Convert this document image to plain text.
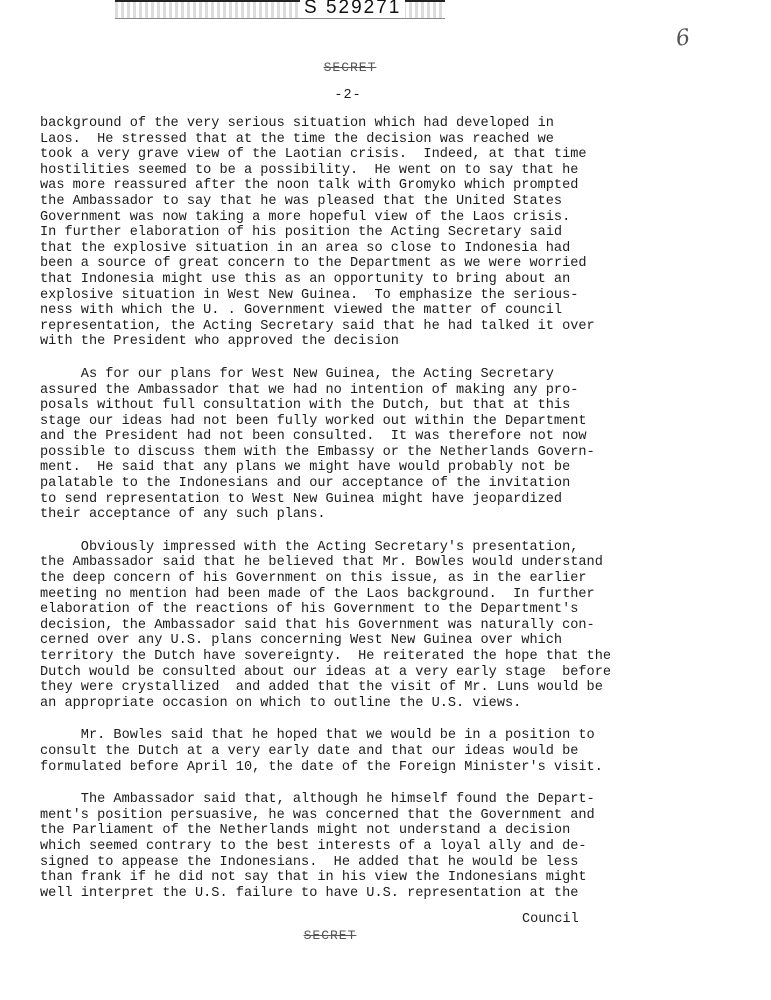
S 529271
6
SECRET
-2-
background of the very serious situation which had developed in
Laos.  He stressed that at the time the decision was reached we
took a very grave view of the Laotian crisis.  Indeed, at that time
hostilities seemed to be a possibility.  He went on to say that he
was more reassured after the noon talk with Gromyko which prompted
the Ambassador to say that he was pleased that the United States
Government was now taking a more hopeful view of the Laos crisis.
In further elaboration of his position the Acting Secretary said
that the explosive situation in an area so close to Indonesia had
been a source of great concern to the Department as we were worried
that Indonesia might use this as an opportunity to bring about an
explosive situation in West New Guinea.  To emphasize the serious-
ness with which the U. . Government viewed the matter of council
representation, the Acting Secretary said that he had talked it over
with the President who approved the decision
As for our plans for West New Guinea, the Acting Secretary
assured the Ambassador that we had no intention of making any pro-
posals without full consultation with the Dutch, but that at this
stage our ideas had not been fully worked out within the Department
and the President had not been consulted.  It was therefore not now
possible to discuss them with the Embassy or the Netherlands Govern-
ment.  He said that any plans we might have would probably not be
palatable to the Indonesians and our acceptance of the invitation
to send representation to West New Guinea might have jeopardized
their acceptance of any such plans.
Obviously impressed with the Acting Secretary's presentation,
the Ambassador said that he believed that Mr. Bowles would understand
the deep concern of his Government on this issue, as in the earlier
meeting no mention had been made of the Laos background.  In further
elaboration of the reactions of his Government to the Department's
decision, the Ambassador said that his Government was naturally con-
cerned over any U.S. plans concerning West New Guinea over which
territory the Dutch have sovereignty.  He reiterated the hope that the
Dutch would be consulted about our ideas at a very early stage  before
they were crystallized  and added that the visit of Mr. Luns would be
an appropriate occasion on which to outline the U.S. views.
Mr. Bowles said that he hoped that we would be in a position to
consult the Dutch at a very early date and that our ideas would be
formulated before April 10, the date of the Foreign Minister's visit.
The Ambassador said that, although he himself found the Depart-
ment's position persuasive, he was concerned that the Government and
the Parliament of the Netherlands might not understand a decision
which seemed contrary to the best interests of a loyal ally and de-
signed to appease the Indonesians.  He added that he would be less
than frank if he did not say that in his view the Indonesians might
well interpret the U.S. failure to have U.S. representation at the
Council
SECRET
